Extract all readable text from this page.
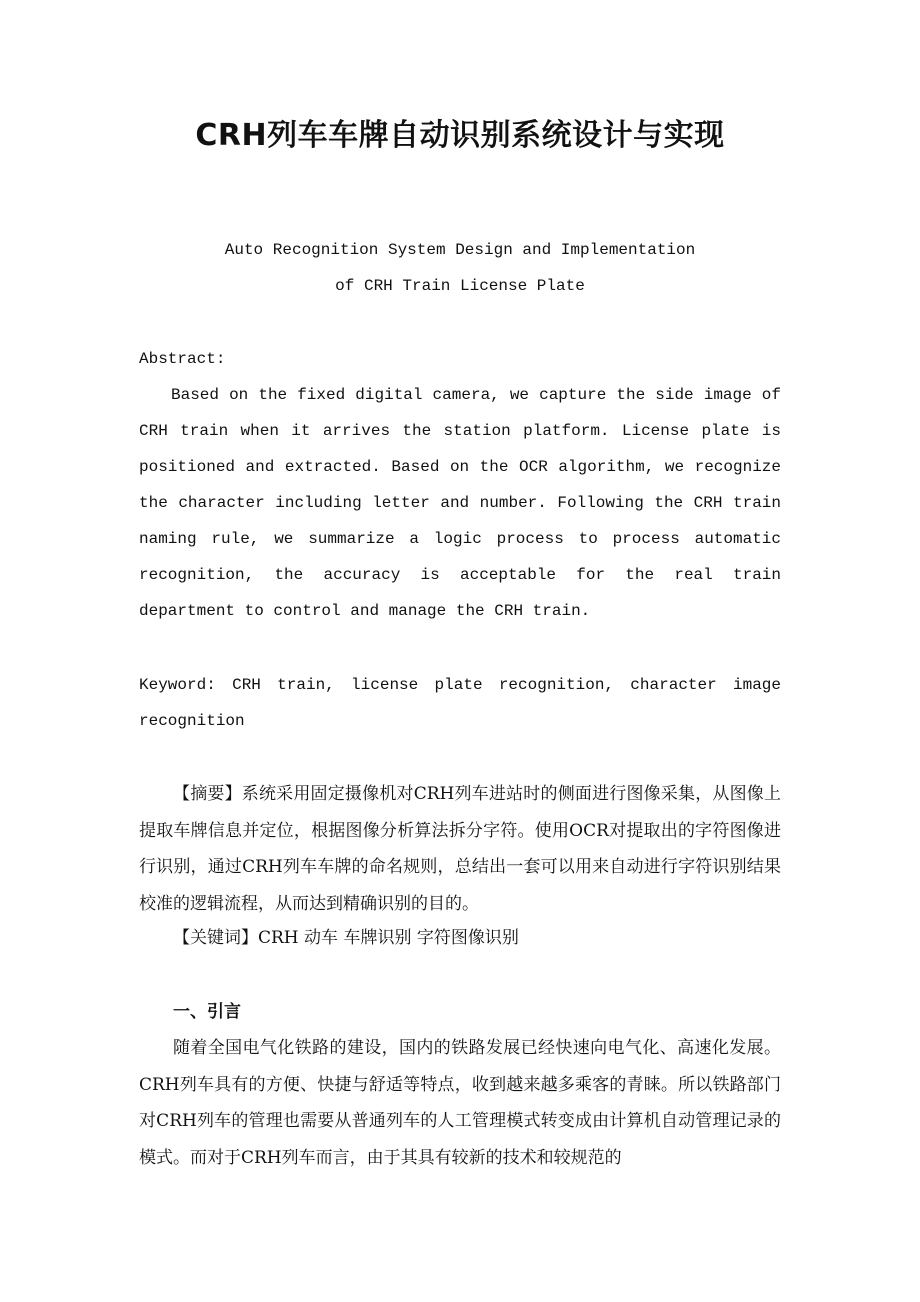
CRH列车车牌自动识别系统设计与实现

Auto Recognition System Design and Implementation

of CRH Train License Plate

Abstract:

Based on the fixed digital camera, we capture the side image of CRH train when it arrives the station platform. License plate is positioned and extracted. Based on the OCR algorithm, we recognize the character including letter and number. Following the CRH train naming rule, we summarize a logic process to process automatic recognition, the accuracy is acceptable for the real train department to control and manage the CRH train.

Keyword: CRH train, license plate recognition, character image recognition

【摘要】系统采用固定摄像机对CRH列车进站时的侧面进行图像采集，从图像上提取车牌信息并定位，根据图像分析算法拆分字符。使用OCR对提取出的字符图像进行识别，通过CRH列车车牌的命名规则，总结出一套可以用来自动进行字符识别结果校准的逻辑流程，从而达到精确识别的目的。

【关键词】CRH 动车 车牌识别 字符图像识别

一、引言

随着全国电气化铁路的建设，国内的铁路发展已经快速向电气化、高速化发展。CRH列车具有的方便、快捷与舒适等特点，收到越来越多乘客的青睐。所以铁路部门对CRH列车的管理也需要从普通列车的人工管理模式转变成由计算机自动管理记录的模式。而对于CRH列车而言，由于其具有较新的技术和较规范的
